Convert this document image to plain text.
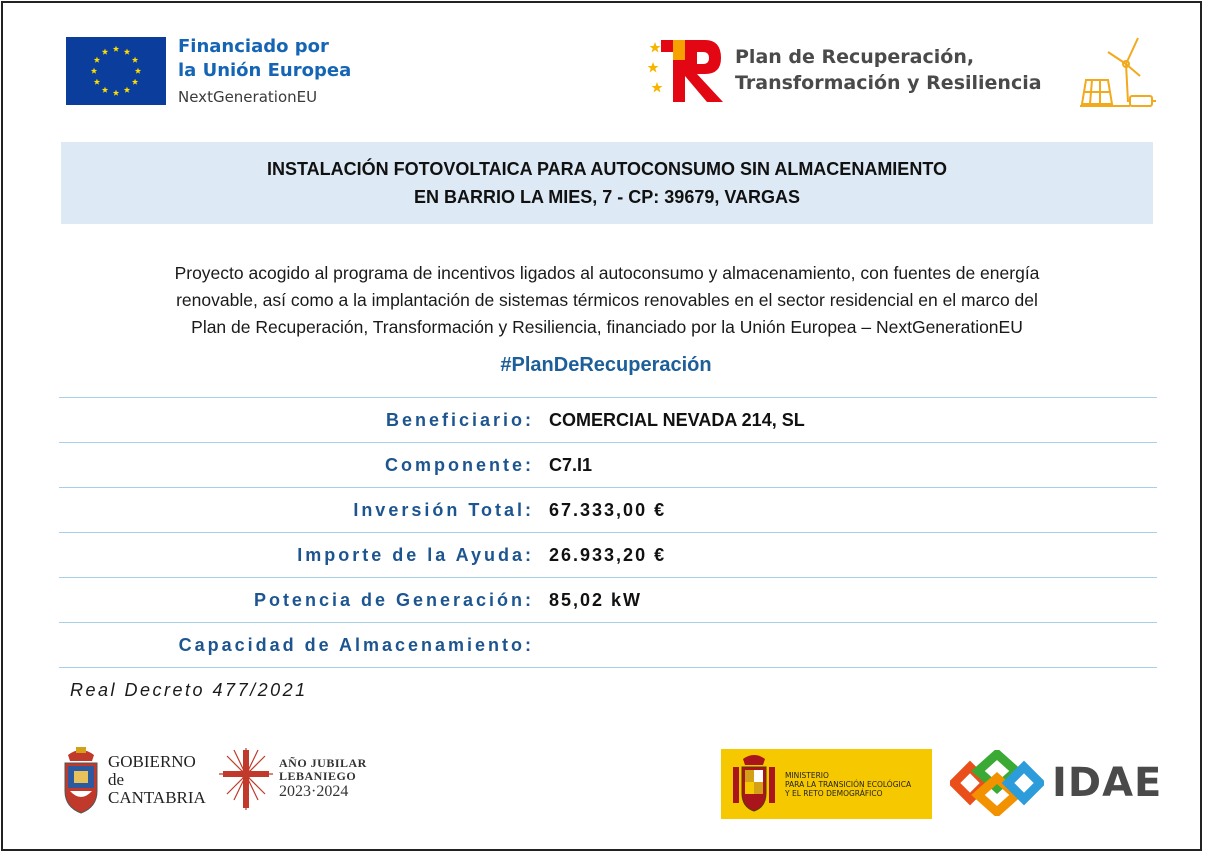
Financiado por
la Unión Europea
NextGenerationEU
Plan de Recuperación,
Transformación y Resiliencia
INSTALACIÓN FOTOVOLTAICA PARA AUTOCONSUMO SIN ALMACENAMIENTO
EN BARRIO LA MIES, 7 - CP: 39679, VARGAS
Proyecto acogido al programa de incentivos ligados al autoconsumo y almacenamiento, con fuentes de energía
renovable, así como a la implantación de sistemas térmicos renovables en el sector residencial en el marco del
Plan de Recuperación, Transformación y Resiliencia, financiado por la Unión Europea – NextGenerationEU
#PlanDeRecuperación
Beneficiario: COMERCIAL NEVADA 214, SL
Componente: C7.I1
Inversión Total: 67.333,00 €
Importe de la Ayuda: 26.933,20 €
Potencia de Generación: 85,02 kW
Capacidad de Almacenamiento:
Real Decreto 477/2021
GOBIERNO
de
CANTABRIA
AÑO JUBILAR
LEBANIEGO
2023·2024
MINISTERIO
PARA LA TRANSICIÓN ECOLÓGICA
Y EL RETO DEMOGRÁFICO	IDAE
